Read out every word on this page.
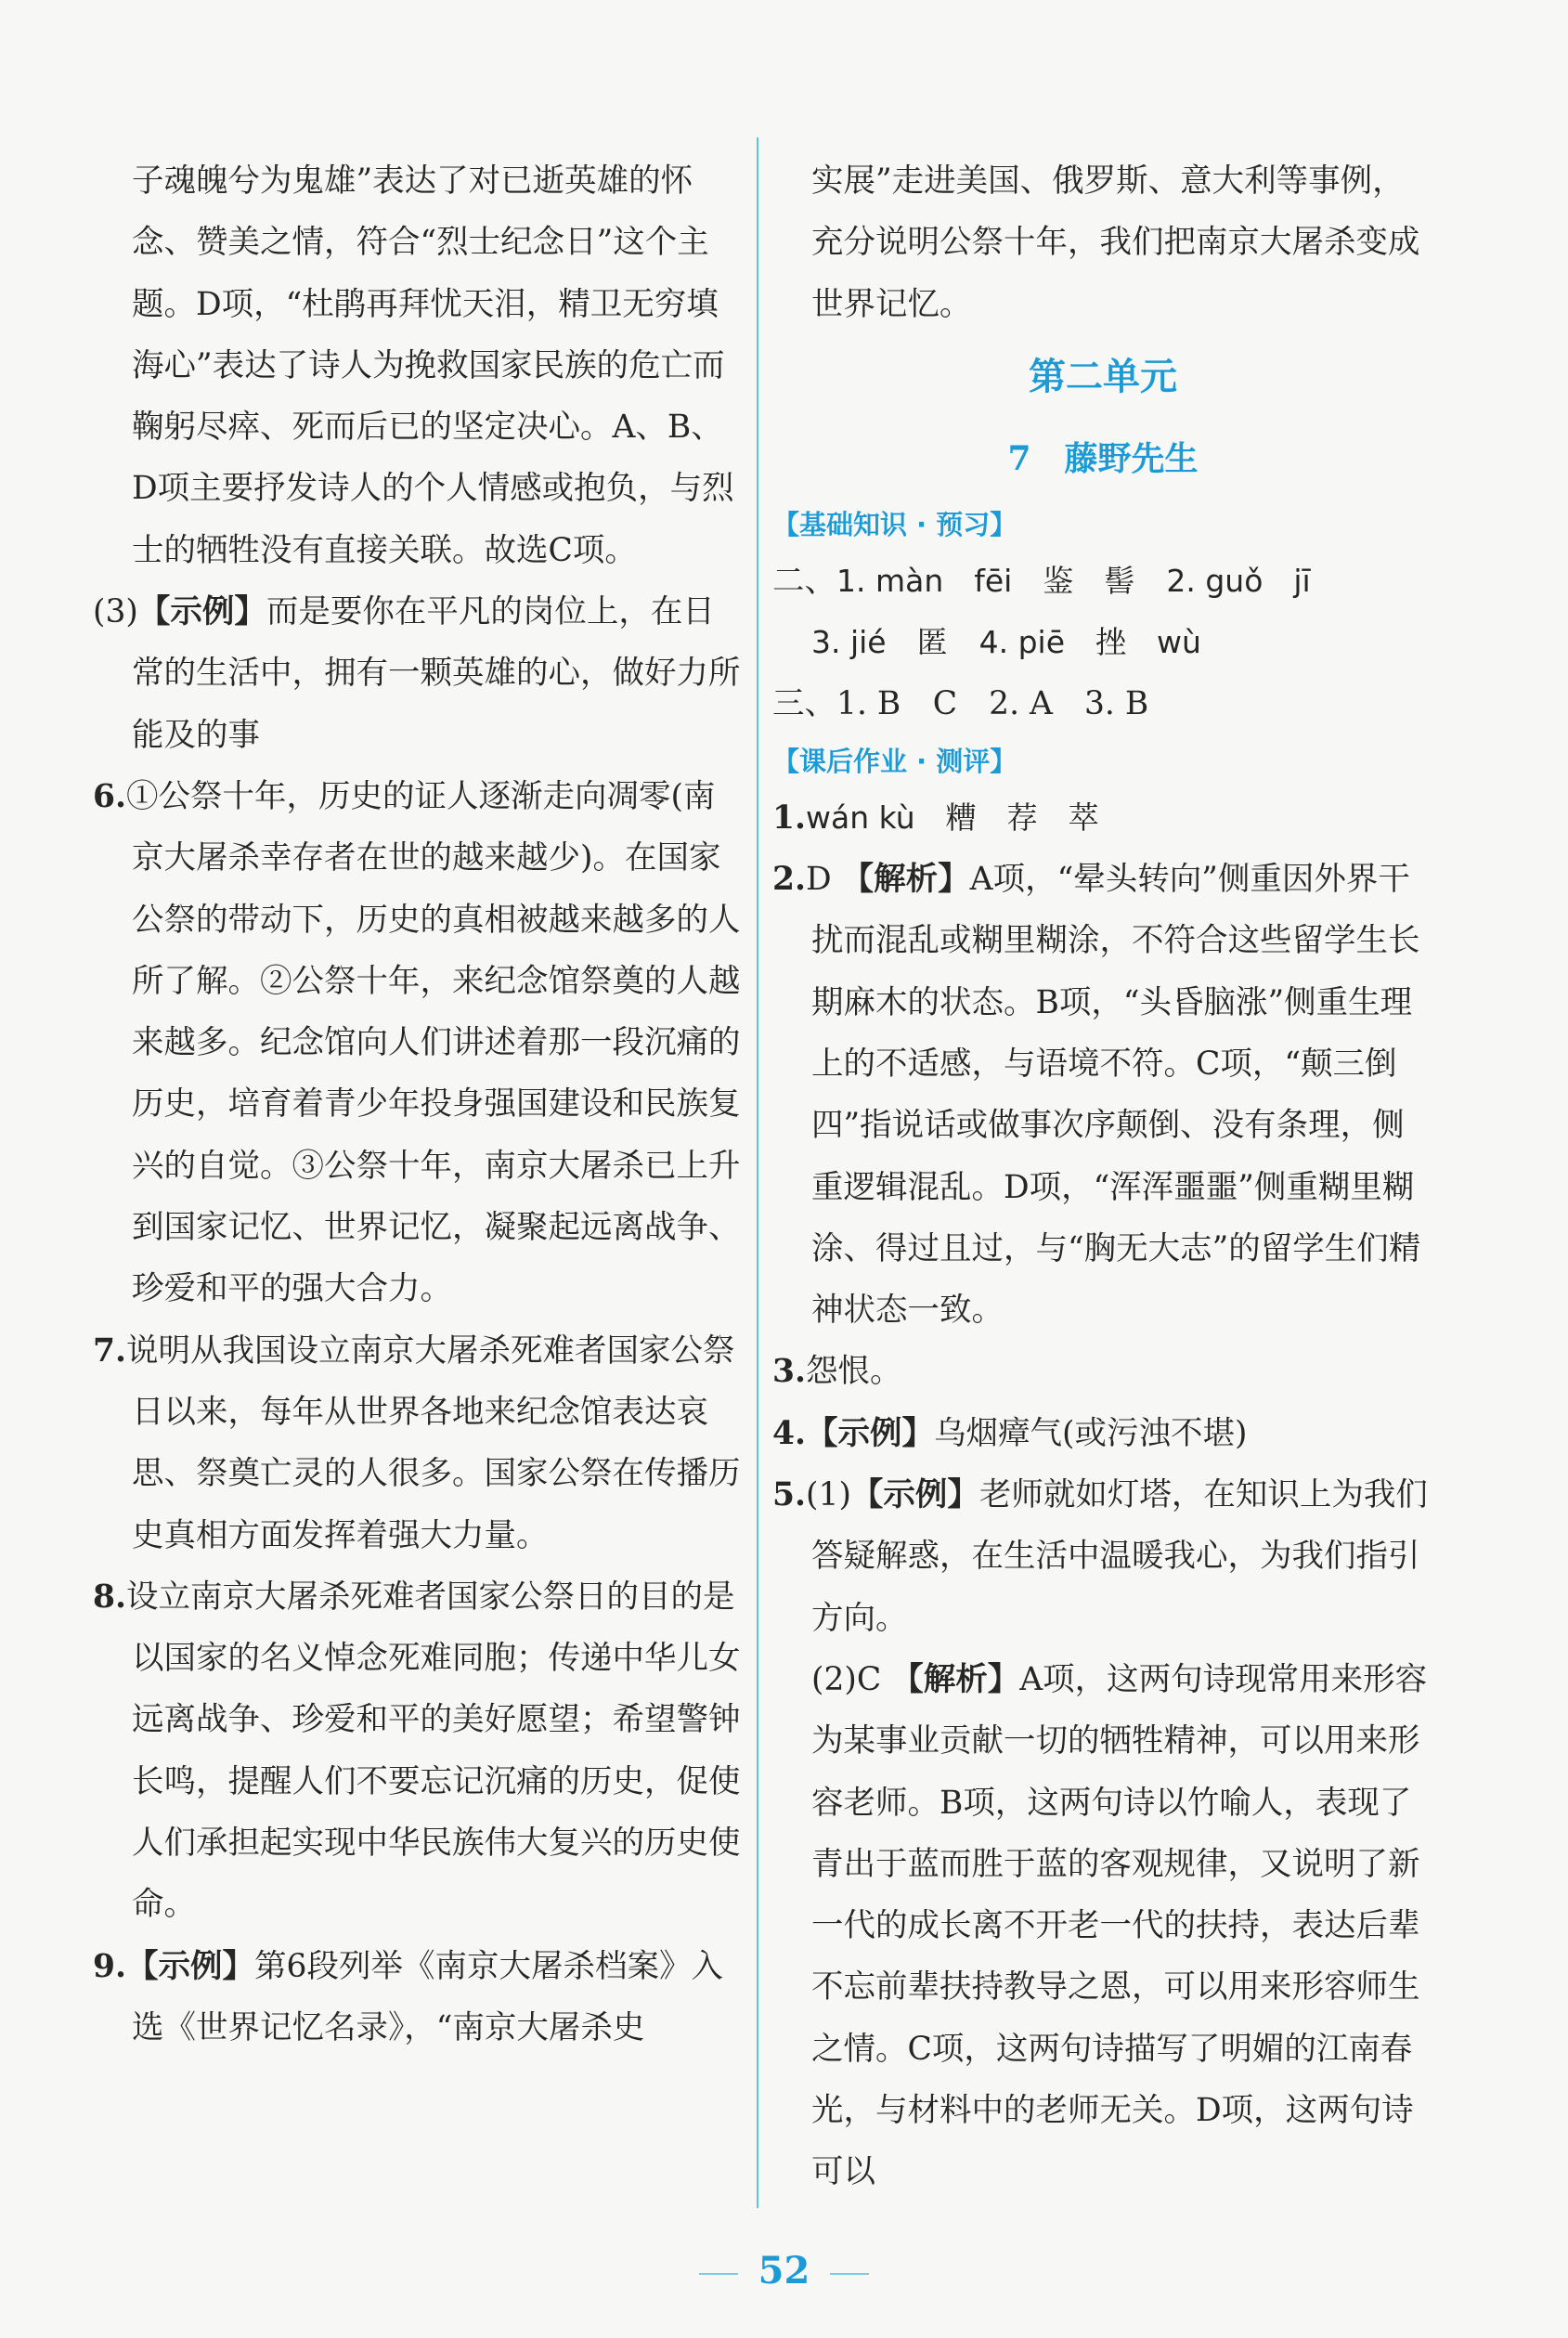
子魂魄兮为鬼雄”表达了对已逝英雄的怀念、赞美之情，符合“烈士纪念日”这个主题。D项，“杜鹃再拜忧天泪，精卫无穷填海心”表达了诗人为挽救国家民族的危亡而鞠躬尽瘁、死而后已的坚定决心。A、B、D项主要抒发诗人的个人情感或抱负，与烈士的牺牲没有直接关联。故选C项。

(3)【示例】而是要你在平凡的岗位上，在日常的生活中，拥有一颗英雄的心，做好力所能及的事

6.①公祭十年，历史的证人逐渐走向凋零(南京大屠杀幸存者在世的越来越少)。在国家公祭的带动下，历史的真相被越来越多的人所了解。②公祭十年，来纪念馆祭奠的人越来越多。纪念馆向人们讲述着那一段沉痛的历史，培育着青少年投身强国建设和民族复兴的自觉。③公祭十年，南京大屠杀已上升到国家记忆、世界记忆，凝聚起远离战争、珍爱和平的强大合力。

7.说明从我国设立南京大屠杀死难者国家公祭日以来，每年从世界各地来纪念馆表达哀思、祭奠亡灵的人很多。国家公祭在传播历史真相方面发挥着强大力量。

8.设立南京大屠杀死难者国家公祭日的目的是以国家的名义悼念死难同胞；传递中华儿女远离战争、珍爱和平的美好愿望；希望警钟长鸣，提醒人们不要忘记沉痛的历史，促使人们承担起实现中华民族伟大复兴的历史使命。

9.【示例】第6段列举《南京大屠杀档案》入选《世界记忆名录》，“南京大屠杀史

实展”走进美国、俄罗斯、意大利等事例，充分说明公祭十年，我们把南京大屠杀变成世界记忆。

第二单元

7　藤野先生

【基础知识 · 预习】

二、1. màn　fēi　鉴　髻 2. guǒ　jī

3. jié　匿 4. piē　挫　wù

三、1. B　C 2. A 3. B

【课后作业 · 测评】

1.wán kù　糟　荐　萃

2.D 【解析】A项，“晕头转向”侧重因外界干扰而混乱或糊里糊涂，不符合这些留学生长期麻木的状态。B项，“头昏脑涨”侧重生理上的不适感，与语境不符。C项，“颠三倒四”指说话或做事次序颠倒、没有条理，侧重逻辑混乱。D项，“浑浑噩噩”侧重糊里糊涂、得过且过，与“胸无大志”的留学生们精神状态一致。

3.怨恨。

4.【示例】乌烟瘴气(或污浊不堪)

5.(1)【示例】老师就如灯塔，在知识上为我们答疑解惑，在生活中温暖我心，为我们指引方向。

(2)C 【解析】A项，这两句诗现常用来形容为某事业贡献一切的牺牲精神，可以用来形容老师。B项，这两句诗以竹喻人，表现了青出于蓝而胜于蓝的客观规律，又说明了新一代的成长离不开老一代的扶持，表达后辈不忘前辈扶持教导之恩，可以用来形容师生之情。C项，这两句诗描写了明媚的江南春光，与材料中的老师无关。D项，这两句诗可以

52
